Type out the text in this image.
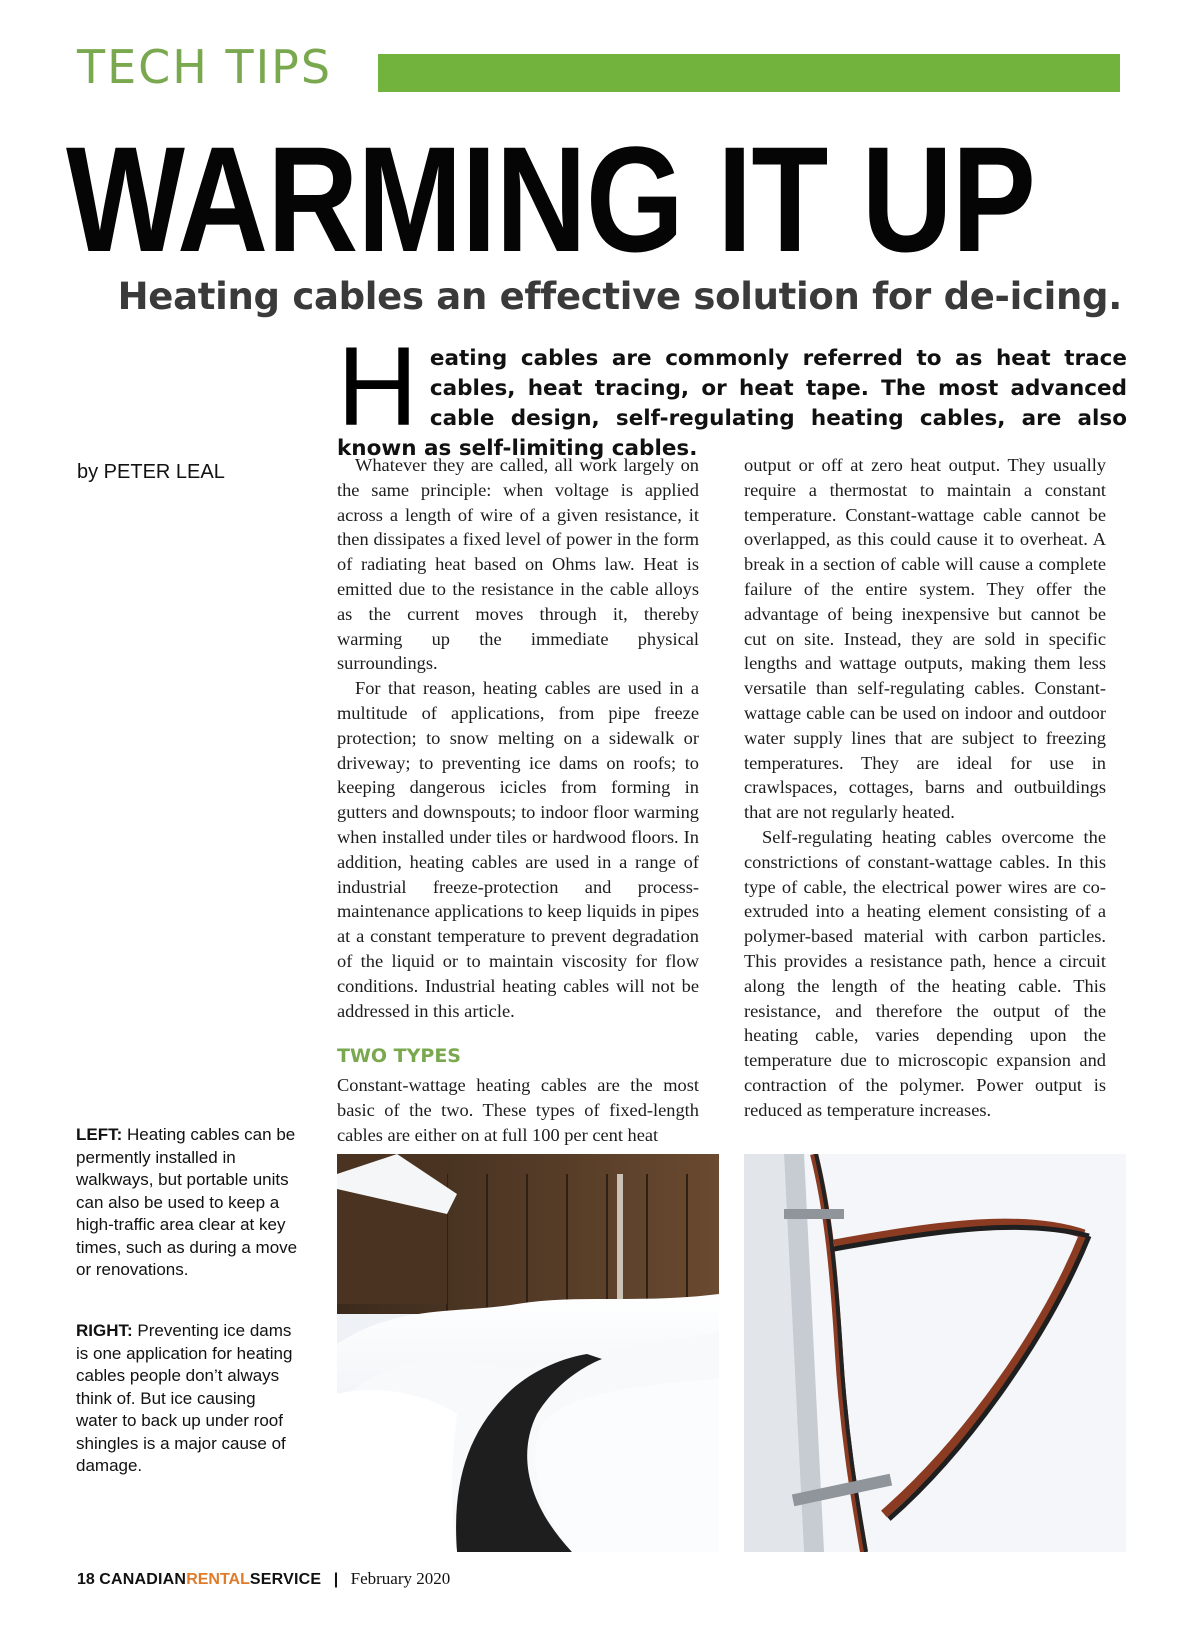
TECH TIPS
WARMING IT UP
Heating cables an effective solution for de-icing.
Heating cables are commonly referred to as heat trace cables, heat tracing, or heat tape. The most advanced cable design, self-regulating heating cables, are also known as self-limiting cables.
by PETER LEAL	Whatever they are called, all work largely on the same principle: when voltage is applied across a length of wire of a given resistance, it then dissipates a fixed level of power in the form of radiating heat based on Ohms law. Heat is emitted due to the resistance in the cable alloys as the current moves through it, thereby warming up the immediate physical surroundings.

For that reason, heating cables are used in a multitude of applications, from pipe freeze protection; to snow melting on a sidewalk or driveway; to preventing ice dams on roofs; to keeping dangerous icicles from forming in gutters and downspouts; to indoor floor warming when installed under tiles or hardwood floors. In addition, heating cables are used in a range of industrial freeze-protection and process-maintenance applications to keep liquids in pipes at a constant temperature to prevent degradation of the liquid or to maintain viscosity for flow conditions. Industrial heating cables will not be addressed in this article.

TWO TYPES

Constant-wattage heating cables are the most basic of the two. These types of fixed-length cables are either on at full 100 per cent heat

output or off at zero heat output. They usually require a thermostat to maintain a constant temperature. Constant-wattage cable cannot be overlapped, as this could cause it to overheat. A break in a section of cable will cause a complete failure of the entire system. They offer the advantage of being inexpensive but cannot be cut on site. Instead, they are sold in specific lengths and wattage outputs, making them less versatile than self-regulating cables. Constant-wattage cable can be used on indoor and outdoor water supply lines that are subject to freezing temperatures. They are ideal for use in crawlspaces, cottages, barns and outbuildings that are not regularly heated.

Self-regulating heating cables overcome the constrictions of constant-wattage cables. In this type of cable, the electrical power wires are co-extruded into a heating element consisting of a polymer-based material with carbon particles. This provides a resistance path, hence a circuit along the length of the heating cable. This resistance, and therefore the output of the heating cable, varies depending upon the temperature due to microscopic expansion and contraction of the polymer. Power output is reduced as temperature increases.

LEFT: Heating cables can be permently installed in walkways, but portable units can also be used to keep a high-traffic area clear at key times, such as during a move or renovations.
RIGHT: Preventing ice dams is one application for heating cables people don’t always think of. But ice causing water to back up under roof shingles is a major cause of damage.
18 CANADIANRENTALSERVICE | February 2020
